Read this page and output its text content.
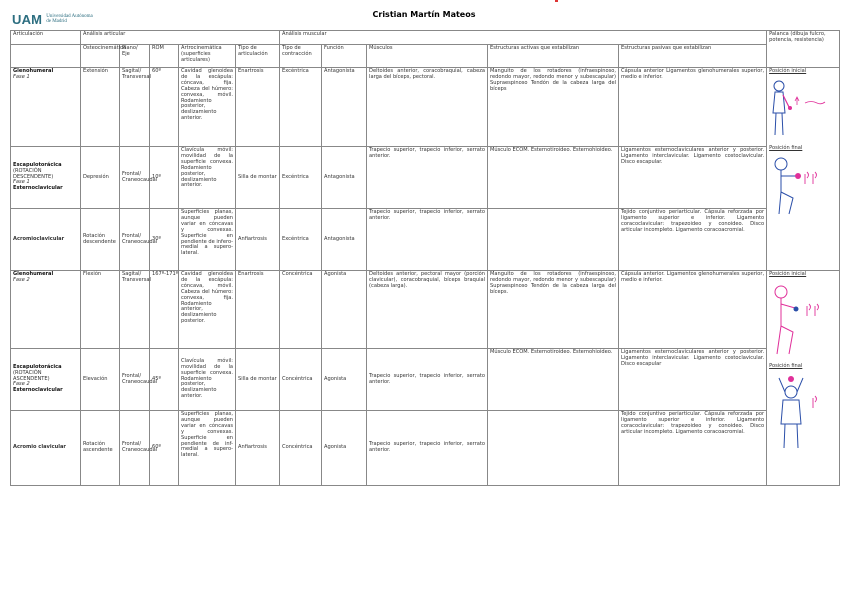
UAM Universidad Autónoma
de Madrid
Cristian Martín Mateos
Articulación	Análisis articular					Análisis muscular					Palanca (dibuja fulcro, potencia, resistencia)
	Osteocinemática	Plano/ Eje	ROM	Artrocinemática (superficies articulares)	Tipo de articulación	Tipo de contracción	Función	Músculos	Estructuras activas que estabilizan	Estructuras pasivas que estabilizan	
Glenohumeral
Fase 1	Extensión	Sagital/ Transversal	60º	Cavidad glenoidea de la escápula: cóncava, fija. Cabeza del húmero: convexa, móvil. Rodamiento posterior, deslizamiento anterior.	Enartrosis	Excéntrica	Antagonista	Deltoides anterior, coracobraquial, cabeza larga del bíceps, pectoral.	Manguito de los rotadores (infraespinoso, redondo mayor, redondo menor y subescapular) Supraespinoso Tendón de la cabeza larga del bíceps	Cápsula anterior Ligamentos glenohumerales superior, medio e inferior.	Posición inicial
Posición final

Escapulotorácica
(ROTACIÓN DESCENDENTE)
Fase 1
Esternoclavicular	Depresión	Frontal/ Craneocaudal	10º	Clavícula móvil: movilidad de la superficie convexa. Rodamiento posterior, deslizamiento anterior.	Silla de montar	Excéntrica	Antagonista	Trapecio superior, trapecio inferior, serrato anterior.	Músculo ECOM. Esternotiroideo. Esternohioideo.	Ligamentos esternoclaviculares anterior y posterior. Ligamento interclavicular. Ligamento costoclavicular. Disco escapular.	
Acromioclavicular	Rotación descendente	Frontal/ Craneocaudal	30º	Superficies planas, aunque pueden variar en cóncavas y convexas. Superficie en pendiente de infero-medial a supero-lateral.	Anfiartrosis	Excéntrica	Antagonista	Trapecio superior, trapecio inferior, serrato anterior.		Tejido conjuntivo periarticular. Cápsula reforzada por ligamento superior e inferior. Ligamento coracoclavicular: trapezoideo y conoideo. Disco articular incompleto. Ligamento coracoacromial.	
Glenohumeral
Fase 2	Flexión	Sagital/ Transversal	167º-171º	Cavidad glenoidea de la escápula: cóncava, móvil. Cabeza del húmero: convexa, fija. Rodamiento anterior, deslizamiento posterior.	Enartrosis	Concéntrica	Agonista	Deltoides anterior, pectoral mayor (porción clavicular), coracobraquial, bíceps braquial (cabeza larga).	Manguito de los rotadores (infraespinoso, redondo mayor, redondo menor y subescapular) Supraespinoso Tendón de la cabeza larga del bíceps.	Cápsula anterior. Ligamentos glenohumerales superior, medio e inferior.	Posición inicial
Posición final

Escapulotorácica
(ROTACIÓN ASCENDENTE)
Fase 2
Esternoclavicular	Elevación	Frontal/ Craneocaudal	45º	Clavícula móvil: movilidad de la superficie convexa. Rodamiento posterior, deslizamiento anterior.	Silla de montar	Concéntrica	Agonista	Trapecio superior, trapecio inferior, serrato anterior.	Músculo ECOM. Esternotiroideo. Esternohioideo.	Ligamentos esternoclaviculares anterior y posterior. Ligamento interclavicular. Ligamento costoclavicular. Disco escapular	
Acromio clavicular	Rotación ascendente	Frontal/ Craneocaudal	60º	Superficies planas, aunque pueden variar en cóncavas y convexas. Superficie en pendiente de inf-medial a supero-lateral.	Anfiartrosis	Concéntrica	Agonista	Trapecio superior, trapecio inferior, serrato anterior.		Tejido conjuntivo periarticular. Cápsula reforzada por ligamento superior e inferior. Ligamento coracoclavicular: trapezoideo y conoideo. Disco articular incompleto. Ligamento coracoacromial.	
